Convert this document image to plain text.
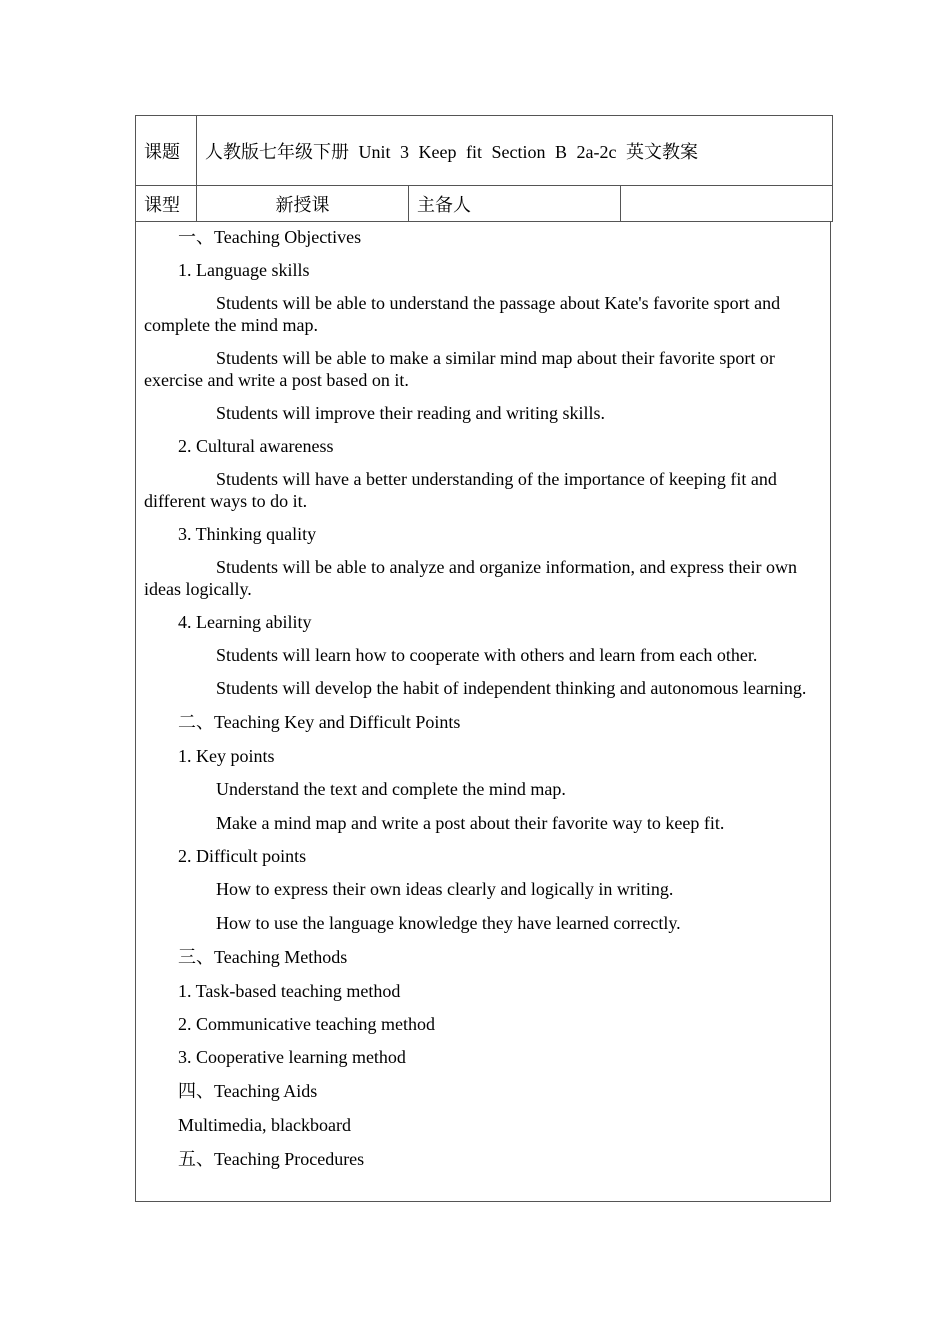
课题	人教版七年级下册 Unit 3 Keep fit Section B 2a-2c 英文教案		
课型	新授课	主备人	

一、Teaching Objectives

1. Language skills

Students will be able to understand the passage about Kate's favorite sport and complete the mind map.

Students will be able to make a similar mind map about their favorite sport or exercise and write a post based on it.

Students will improve their reading and writing skills.

2. Cultural awareness

Students will have a better understanding of the importance of keeping fit and different ways to do it.

3. Thinking quality

Students will be able to analyze and organize information, and express their own ideas logically.

4. Learning ability

Students will learn how to cooperate with others and learn from each other.

Students will develop the habit of independent thinking and autonomous learning.

二、Teaching Key and Difficult Points

1. Key points

Understand the text and complete the mind map.

Make a mind map and write a post about their favorite way to keep fit.

2. Difficult points

How to express their own ideas clearly and logically in writing.

How to use the language knowledge they have learned correctly.

三、Teaching Methods

1. Task-based teaching method

2. Communicative teaching method

3. Cooperative learning method

四、Teaching Aids

Multimedia, blackboard

五、Teaching Procedures
